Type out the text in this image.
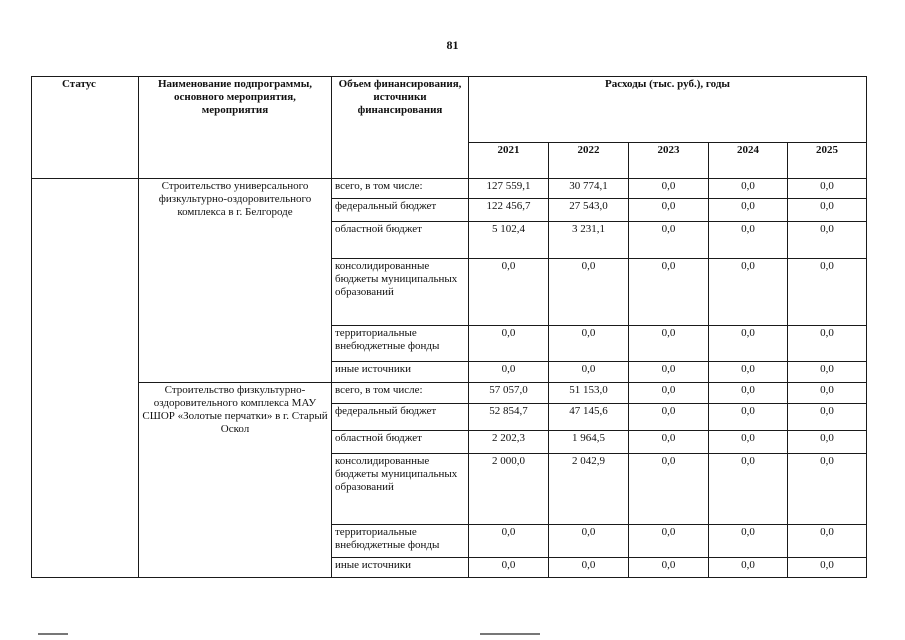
81
Статус	Наименование подпрограммы, основного мероприятия, мероприятия	Объем финансирования, источники финансирования	Расходы (тыс. руб.), годы				
			2021	2022	2023	2024	2025
	Строительство универсального физкультурно-оздоровительного комплекса в г. Белгороде	всего, в том числе:	127 559,1	30 774,1	0,0	0,0	0,0
		федеральный бюджет	122 456,7	27 543,0	0,0	0,0	0,0
		областной бюджет	5 102,4	3 231,1	0,0	0,0	0,0
		консолидированные бюджеты муниципальных образований	0,0	0,0	0,0	0,0	0,0
		территориальные внебюджетные фонды	0,0	0,0	0,0	0,0	0,0
		иные источники	0,0	0,0	0,0	0,0	0,0
	Строительство физкультурно-оздоровительного комплекса МАУ СШОР «Золотые перчатки» в г. Старый Оскол	всего, в том числе:	57 057,0	51 153,0	0,0	0,0	0,0
		федеральный бюджет	52 854,7	47 145,6	0,0	0,0	0,0
		областной бюджет	2 202,3	1 964,5	0,0	0,0	0,0
		консолидированные бюджеты муниципальных образований	2 000,0	2 042,9	0,0	0,0	0,0
		территориальные внебюджетные фонды	0,0	0,0	0,0	0,0	0,0
		иные источники	0,0	0,0	0,0	0,0	0,0
